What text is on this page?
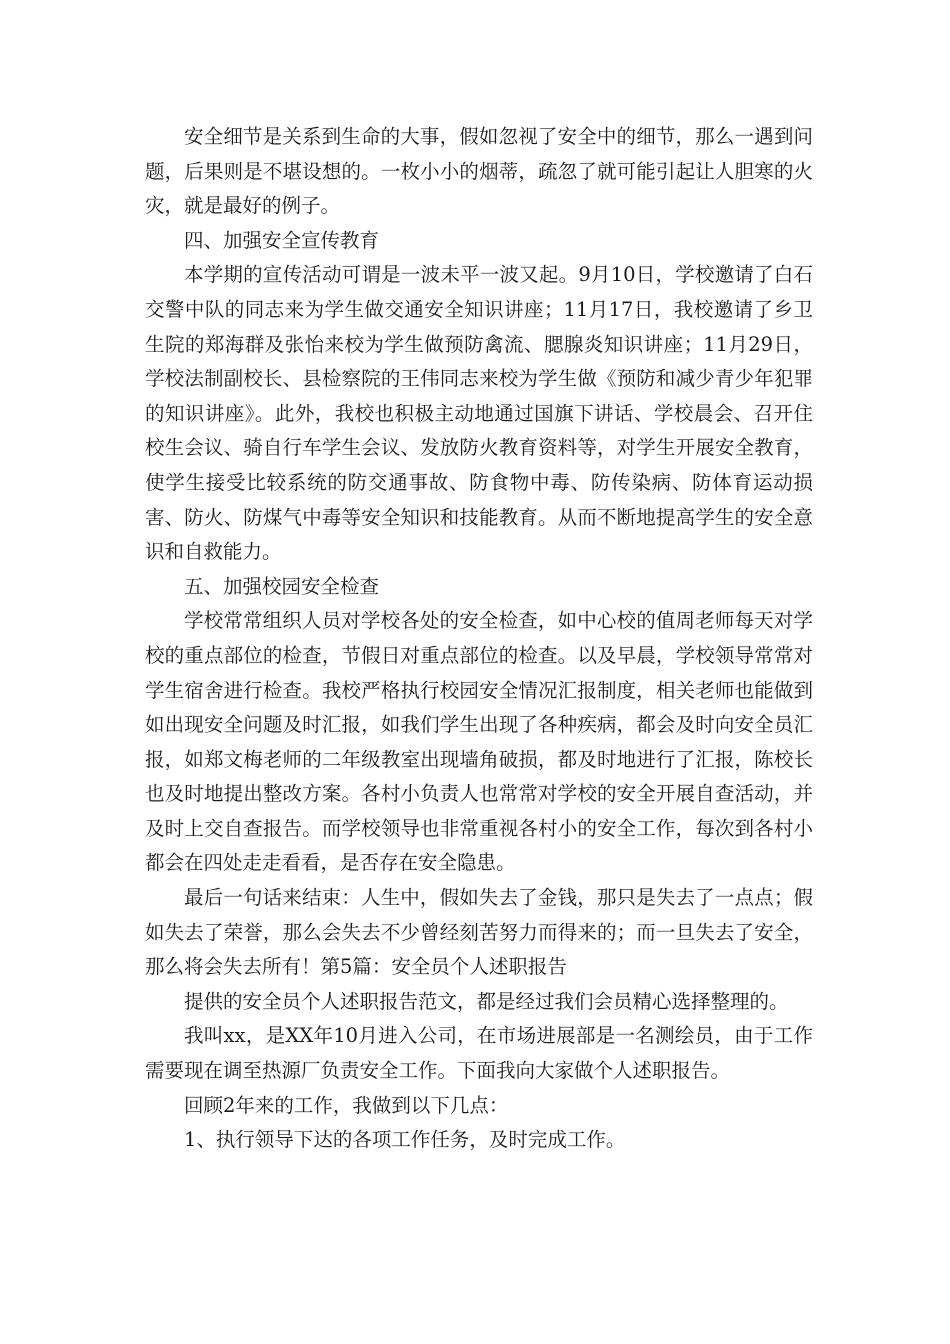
安全细节是关系到生命的大事，假如忽视了安全中的细节，那么一遇到问题，后果则是不堪设想的。一枚小小的烟蒂，疏忽了就可能引起让人胆寒的火灾，就是最好的例子。

四、加强安全宣传教育

本学期的宣传活动可谓是一波未平一波又起。9月10日，学校邀请了白石交警中队的同志来为学生做交通安全知识讲座；11月17日，我校邀请了乡卫生院的郑海群及张怡来校为学生做预防禽流、腮腺炎知识讲座；11月29日，学校法制副校长、县检察院的王伟同志来校为学生做《预防和减少青少年犯罪的知识讲座》。此外，我校也积极主动地通过国旗下讲话、学校晨会、召开住校生会议、骑自行车学生会议、发放防火教育资料等，对学生开展安全教育，使学生接受比较系统的防交通事故、防食物中毒、防传染病、防体育运动损害、防火、防煤气中毒等安全知识和技能教育。从而不断地提高学生的安全意识和自救能力。

五、加强校园安全检查

学校常常组织人员对学校各处的安全检查，如中心校的值周老师每天对学校的重点部位的检查，节假日对重点部位的检查。以及早晨，学校领导常常对学生宿舍进行检查。我校严格执行校园安全情况汇报制度，相关老师也能做到如出现安全问题及时汇报，如我们学生出现了各种疾病，都会及时向安全员汇报，如郑文梅老师的二年级教室出现墙角破损，都及时地进行了汇报，陈校长也及时地提出整改方案。各村小负责人也常常对学校的安全开展自查活动，并及时上交自查报告。而学校领导也非常重视各村小的安全工作，每次到各村小都会在四处走走看看，是否存在安全隐患。

最后一句话来结束：人生中，假如失去了金钱，那只是失去了一点点；假如失去了荣誉，那么会失去不少曾经刻苦努力而得来的；而一旦失去了安全，那么将会失去所有！第5篇：安全员个人述职报告

提供的安全员个人述职报告范文，都是经过我们会员精心选择整理的。

我叫xx，是XX年10月进入公司，在市场进展部是一名测绘员，由于工作需要现在调至热源厂负责安全工作。下面我向大家做个人述职报告。

回顾2年来的工作，我做到以下几点：

1、执行领导下达的各项工作任务，及时完成工作。
